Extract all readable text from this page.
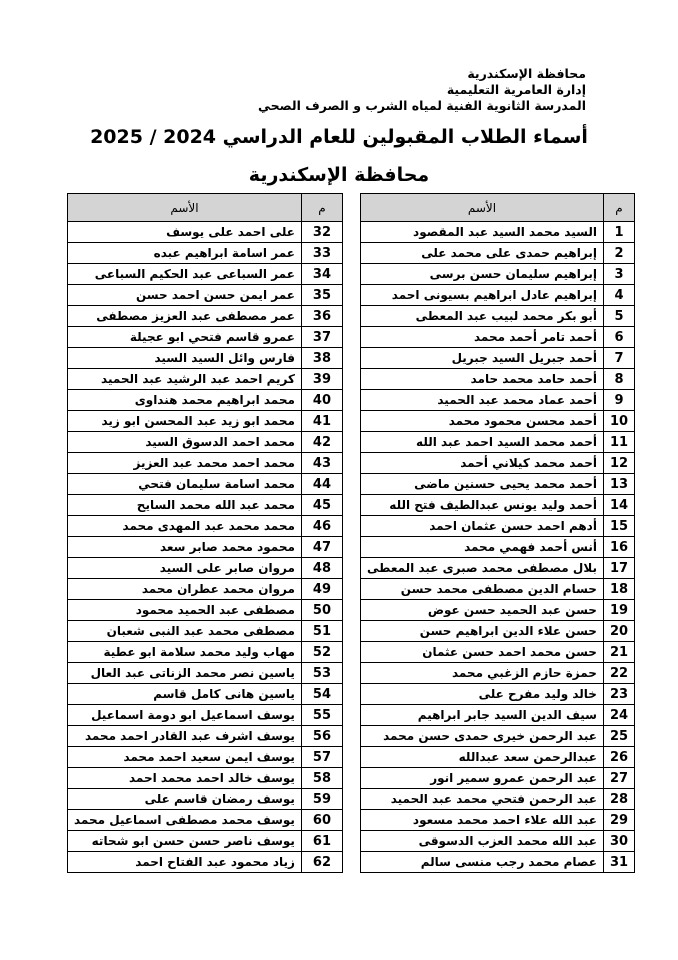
محافظة الإسكندرية
إدارة العامرية التعليمية
المدرسة الثانوية الفنية لمياه الشرب و الصرف الصحي
أسماء الطلاب المقبولين للعام الدراسي 2024 / 2025
محافظة الإسكندرية
م	الأسم
1	السيد محمد السيد عبد المقصود
2	إبراهيم حمدى على محمد على
3	إبراهيم سليمان حسن برسى
4	إبراهيم عادل ابراهيم بسيونى احمد
5	أبو بكر محمد لبيب عبد المعطى
6	أحمد تامر أحمد محمد
7	أحمد جبريل السيد جبريل
8	أحمد حامد محمد حامد
9	أحمد عماد محمد عبد الحميد
10	أحمد محسن محمود محمد
11	أحمد محمد السيد احمد عبد الله
12	أحمد محمد كيلاني أحمد
13	أحمد محمد يحيى حسنين ماضى
14	أحمد وليد يونس عبدالطيف فتح الله
15	أدهم احمد حسن عثمان احمد
16	أنس أحمد فهمي محمد
17	بلال مصطفى محمد صبرى عبد المعطى
18	حسام الدين مصطفى محمد حسن
19	حسن عبد الحميد حسن عوض
20	حسن علاء الدين ابراهيم حسن
21	حسن محمد احمد حسن عثمان
22	حمزة حازم الزغبي محمد
23	خالد وليد مفرح على
24	سيف الدين السيد جابر ابراهيم
25	عبد الرحمن خيرى حمدى حسن محمد
26	عبدالرحمن سعد عبدالله
27	عبد الرحمن عمرو سمير انور
28	عبد الرحمن فتحي محمد عبد الحميد
29	عبد الله علاء احمد محمد مسعود
30	عبد الله محمد العزب الدسوقى
31	عصام محمد رجب منسى سالم
م	الأسم
32	على احمد على يوسف
33	عمر اسامة ابراهيم عبده
34	عمر السباعى عبد الحكيم السباعى
35	عمر ايمن حسن احمد حسن
36	عمر مصطفى عبد العزيز مصطفى
37	عمرو قاسم فتحي ابو عجيلة
38	فارس وائل السيد السيد
39	كريم احمد عبد الرشيد عبد الحميد
40	محمد ابراهيم محمد هنداوى
41	محمد ابو زيد عبد المحسن ابو زيد
42	محمد احمد الدسوق السيد
43	محمد احمد محمد عبد العزيز
44	محمد اسامة سليمان فتحي
45	محمد عبد الله محمد السايح
46	محمد محمد عبد المهدى محمد
47	محمود محمد صابر سعد
48	مروان صابر على السيد
49	مروان محمد عطران محمد
50	مصطفى عبد الحميد محمود
51	مصطفى محمد عبد النبى شعبان
52	مهاب وليد محمد سلامة ابو عطية
53	ياسين نصر محمد الزناتى عبد العال
54	ياسين هانى كامل قاسم
55	يوسف اسماعيل ابو دومة اسماعيل
56	يوسف اشرف عبد القادر احمد محمد
57	يوسف ايمن سعيد احمد محمد
58	يوسف خالد احمد محمد احمد
59	يوسف رمضان قاسم على
60	يوسف محمد مصطفى اسماعيل محمد
61	يوسف ناصر حسن حسن ابو شحاته
62	زياد محمود عبد الفتاح احمد
